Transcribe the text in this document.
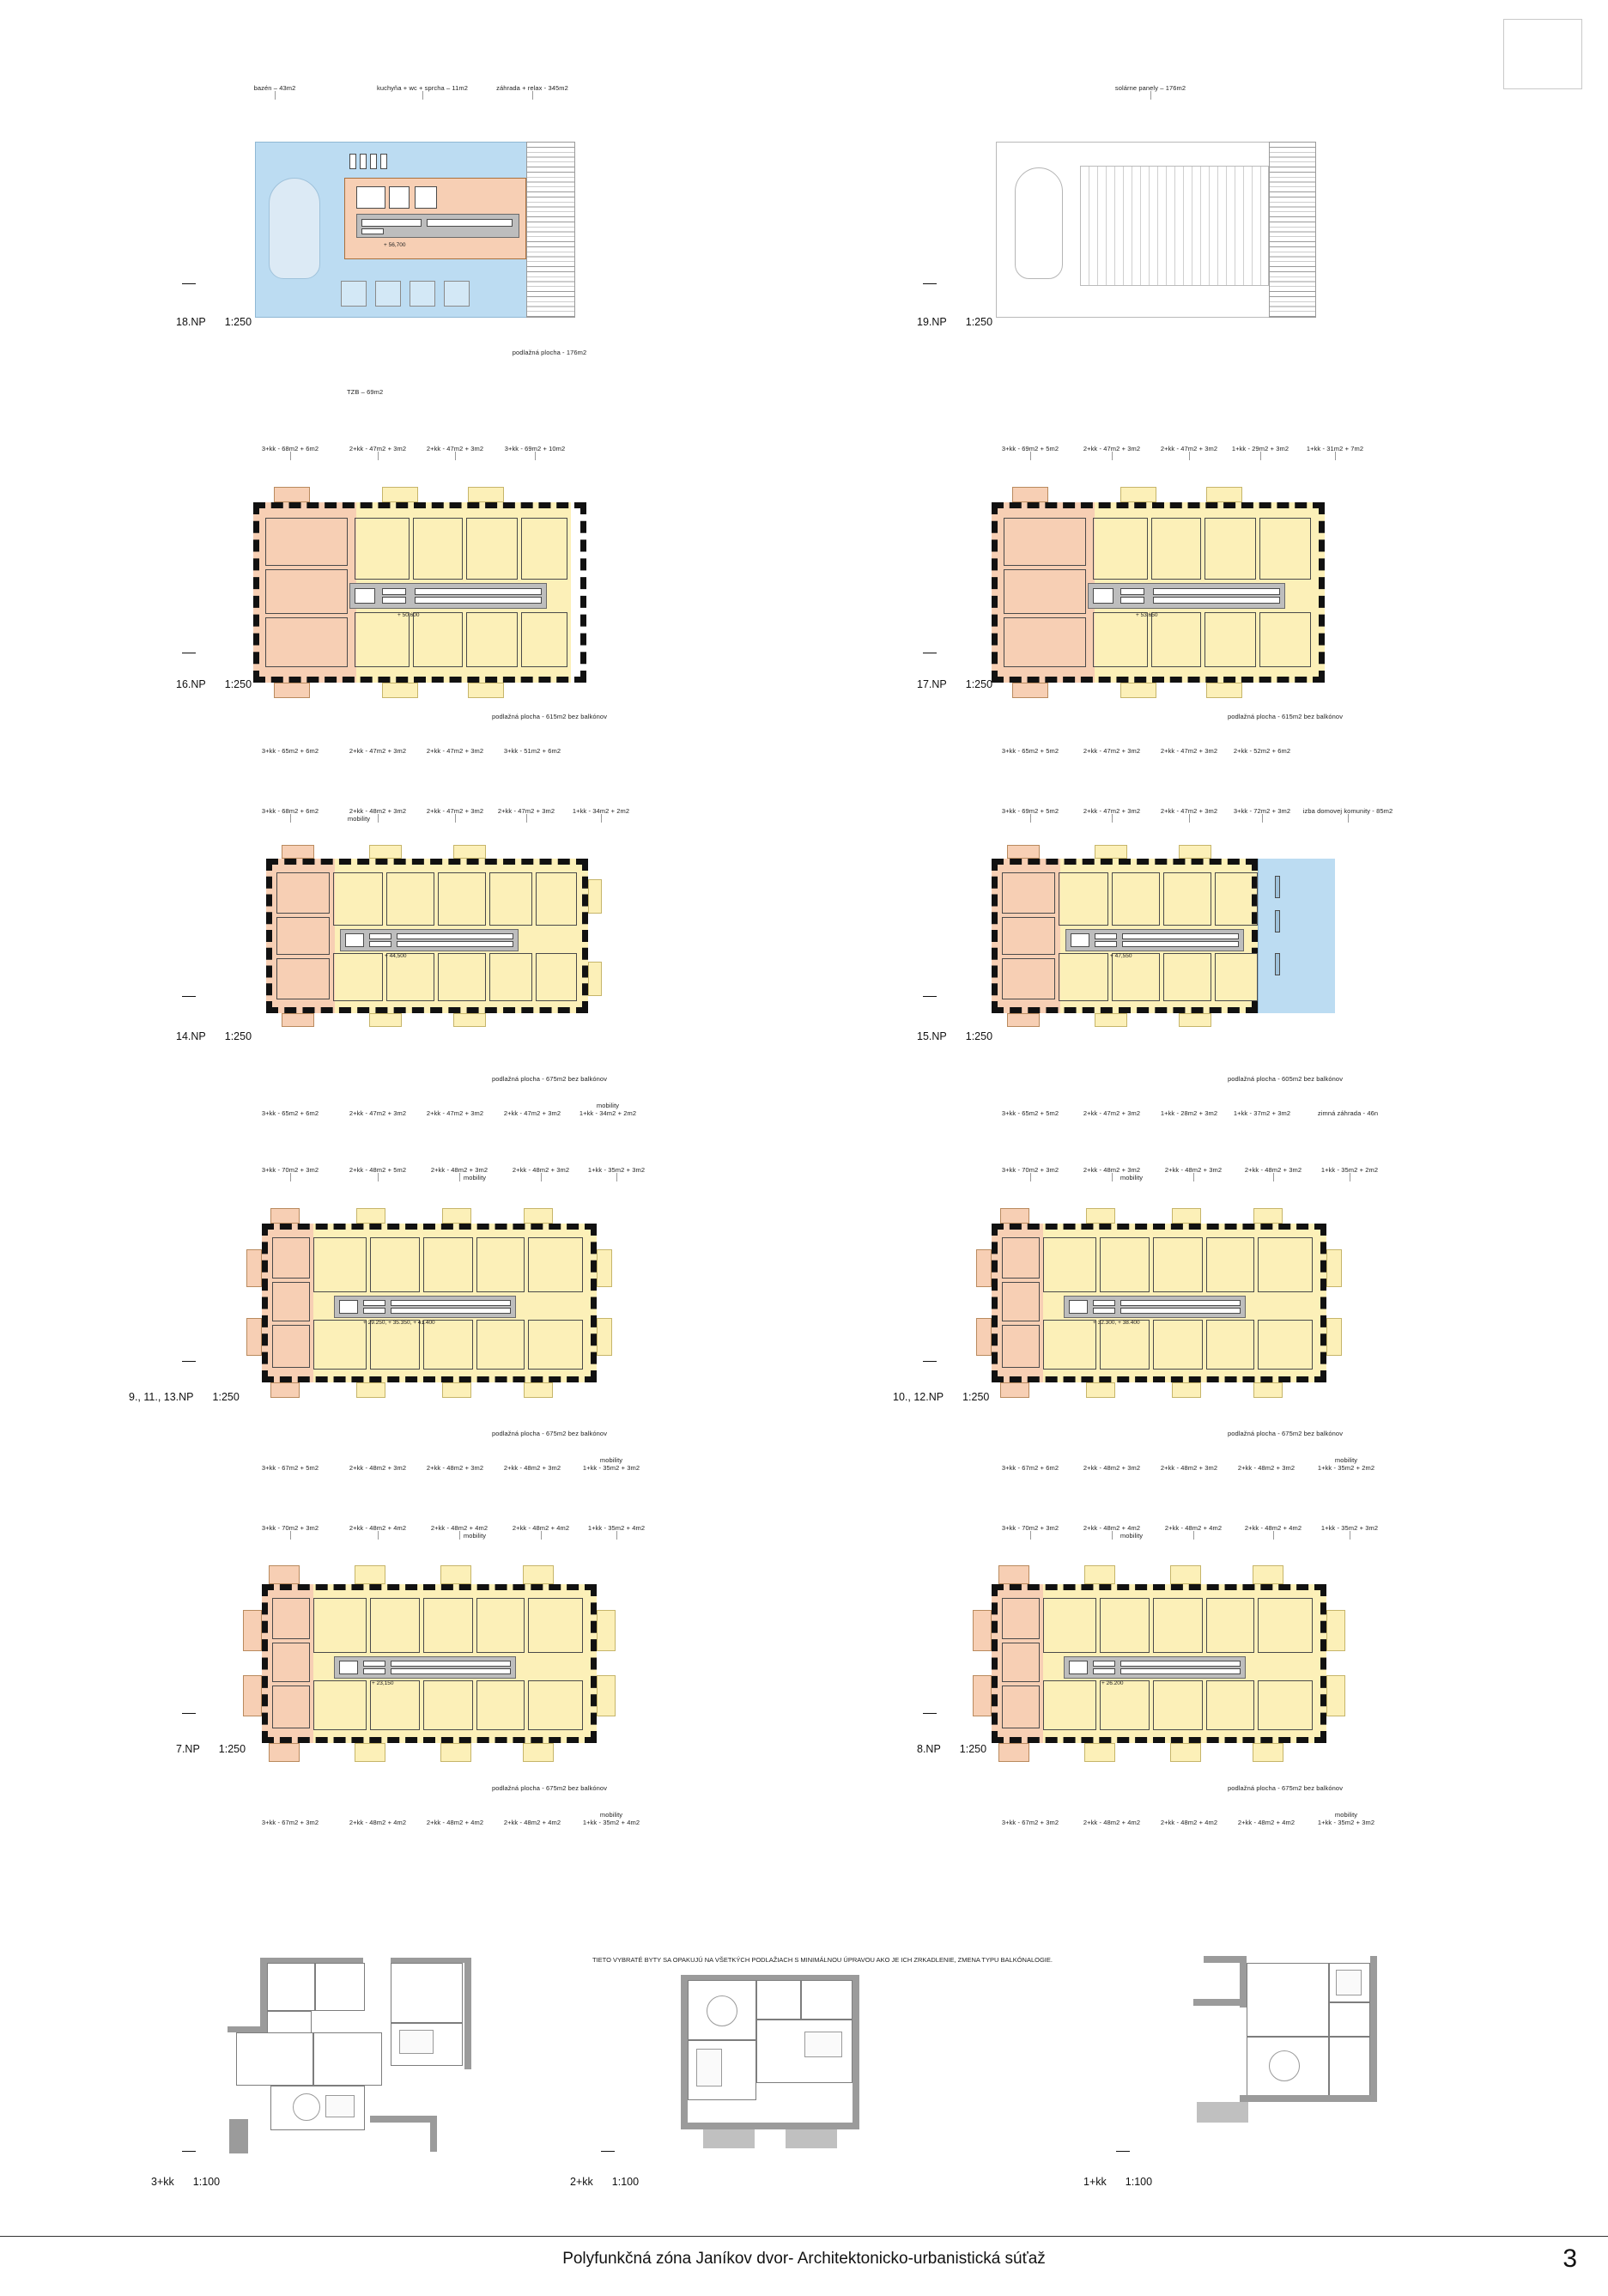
bazén – 43m2	kuchyňa + wc + sprcha – 11m2	záhrada + relax - 345m2
+ 56,700
18.NP 1:250
podlažná plocha - 176m2
TZB – 69m2
solárne panely – 176m2
19.NP 1:250
3+kk - 68m2 + 6m2	2+kk - 47m2 + 3m2	2+kk - 47m2 + 3m2	3+kk - 69m2 + 10m2
+ 50,600
16.NP 1:250
podlažná plocha - 615m2 bez balkónov
3+kk - 65m2 + 6m2	2+kk - 47m2 + 3m2	2+kk - 47m2 + 3m2	3+kk - 51m2 + 6m2
3+kk - 69m2 + 5m2	2+kk - 47m2 + 3m2	2+kk - 47m2 + 3m2 1+kk - 29m2 + 3m2	1+kk - 31m2 + 7m2
+ 53,650
17.NP 1:250
podlažná plocha - 615m2 bez balkónov
3+kk - 65m2 + 5m2	2+kk - 47m2 + 3m2	2+kk - 47m2 + 3m2 2+kk - 52m2 + 6m2
3+kk - 68m2 + 6m2	2+kk - 48m2 + 3m2	2+kk - 47m2 + 3m2 2+kk - 47m2 + 3m2	1+kk - 34m2 + 2m2
mobility
+ 44,500
14.NP 1:250
podlažná plocha - 675m2 bez balkónov
3+kk - 65m2 + 6m2	2+kk - 47m2 + 3m2	2+kk - 47m2 + 3m2	2+kk - 47m2 + 3m2
mobility
1+kk - 34m2 + 2m2
3+kk - 69m2 + 5m2	2+kk - 47m2 + 3m2	2+kk - 47m2 + 3m2 3+kk - 72m2 + 3m2 izba domovej komunity - 85m2
+ 47,550
15.NP 1:250
podlažná plocha - 605m2 bez balkónov
3+kk - 65m2 + 5m2	2+kk - 47m2 + 3m2	1+kk - 28m2 + 3m2 1+kk - 37m2 + 3m2	zimná záhrada - 46n
3+kk - 70m2 + 3m2	2+kk - 48m2 + 5m2	2+kk - 48m2 + 3m2
mobility
2+kk - 48m2 + 3m2	1+kk - 35m2 + 3m2
+ 29.250, + 35.350, + 41.400
9., 11., 13.NP 1:250
podlažná plocha - 675m2 bez balkónov
3+kk - 67m2 + 5m2	2+kk - 48m2 + 3m2	2+kk - 48m2 + 3m2	2+kk - 48m2 + 3m2
mobility
1+kk - 35m2 + 3m2
3+kk - 70m2 + 3m2	2+kk - 48m2 + 3m2
mobility
2+kk - 48m2 + 3m2	2+kk - 48m2 + 3m2	1+kk - 35m2 + 2m2
+ 32.300, + 38.400
10., 12.NP 1:250
podlažná plocha - 675m2 bez balkónov
3+kk - 67m2 + 6m2	2+kk - 48m2 + 3m2	2+kk - 48m2 + 3m2	2+kk - 48m2 + 3m2
mobility
1+kk - 35m2 + 2m2
3+kk - 70m2 + 3m2	2+kk - 48m2 + 4m2	2+kk - 48m2 + 4m2
mobility
2+kk - 48m2 + 4m2	1+kk - 35m2 + 4m2
+ 23,150
7.NP 1:250
podlažná plocha - 675m2 bez balkónov
3+kk - 67m2 + 3m2	2+kk - 48m2 + 4m2	2+kk - 48m2 + 4m2	2+kk - 48m2 + 4m2
mobility
1+kk - 35m2 + 4m2
3+kk - 70m2 + 3m2	2+kk - 48m2 + 4m2
mobility
2+kk - 48m2 + 4m2	2+kk - 48m2 + 4m2	1+kk - 35m2 + 3m2
+ 26.200
8.NP 1:250
podlažná plocha - 675m2 bez balkónov
3+kk - 67m2 + 3m2	2+kk - 48m2 + 4m2	2+kk - 48m2 + 4m2	2+kk - 48m2 + 4m2
mobility
1+kk - 35m2 + 3m2
TIETO VYBRATÉ BYTY SA OPAKUJÚ NA VŠETKÝCH PODLAŽIACH S MINIMÁLNOU ÚPRAVOU AKO JE ICH ZRKADLENIE, ZMENA TYPU BALKÓNALOGIE.
3+kk 1:100	2+kk 1:100	1+kk 1:100
Polyfunkčná zóna Janíkov dvor- Architektonicko-urbanistická súťaž	3
